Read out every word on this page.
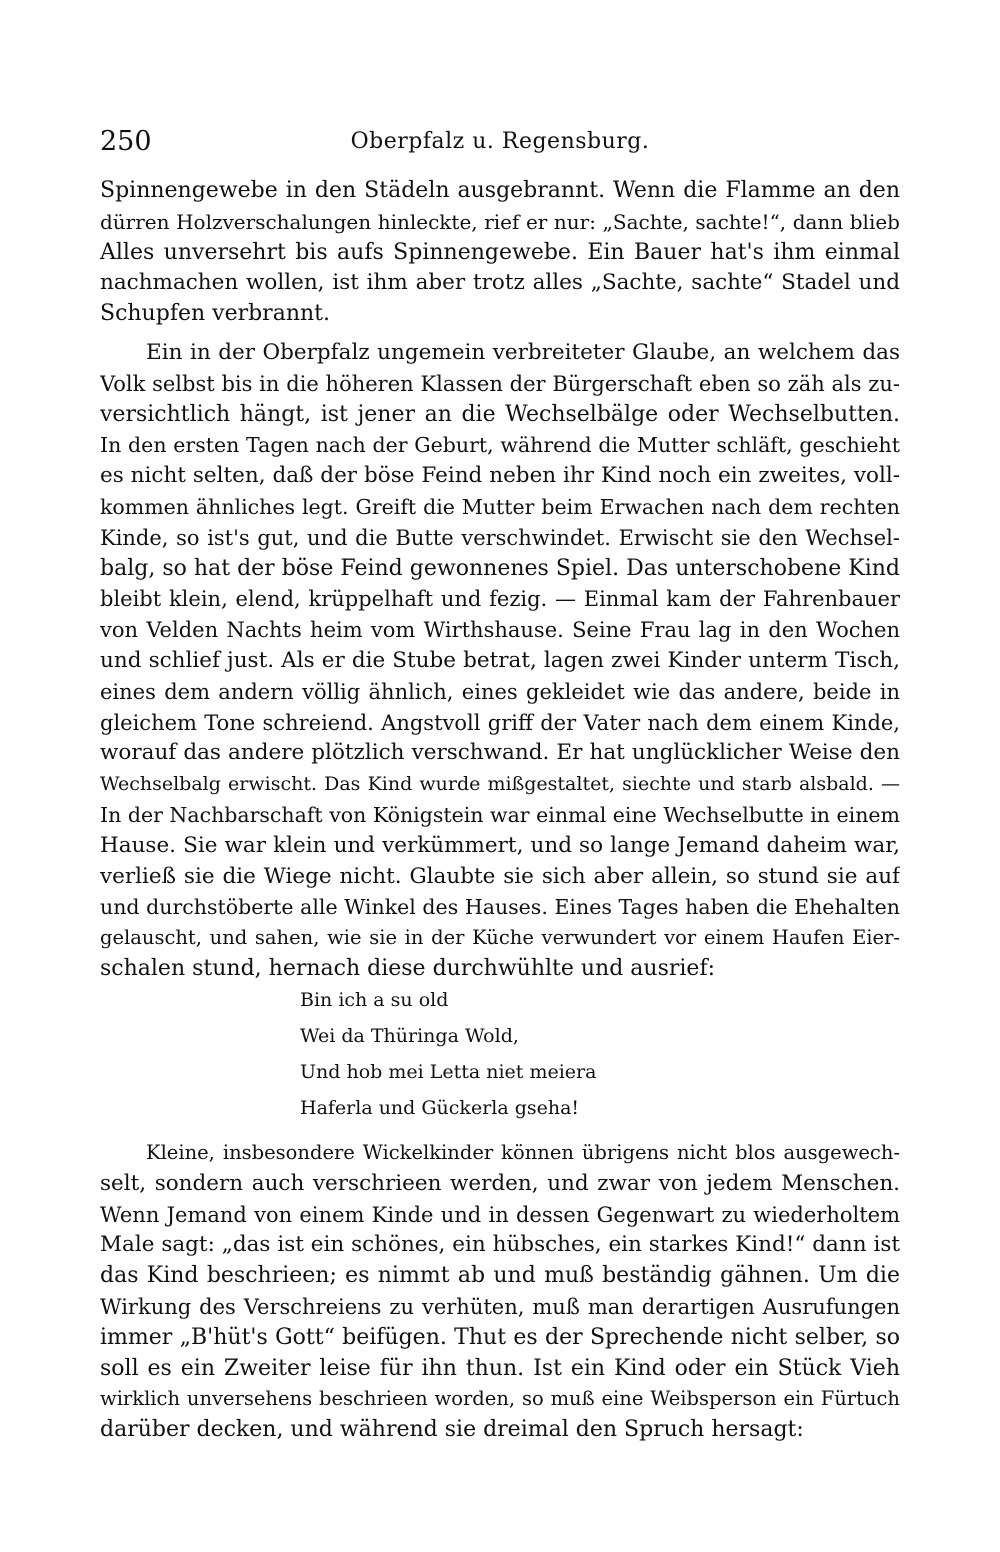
250	Oberpfalz u. Regensburg.
Spinnengewebe in den Städeln ausgebrannt. Wenn die Flamme an den
dürren Holzverschalungen hinleckte, rief er nur: „Sachte, sachte!“, dann blieb
Alles unversehrt bis aufs Spinnengewebe. Ein Bauer hat's ihm einmal
nachmachen wollen, ist ihm aber trotz alles „Sachte, sachte“ Stadel und
Schupfen verbrannt.
Ein in der Oberpfalz ungemein verbreiteter Glaube, an welchem das
Volk selbst bis in die höheren Klassen der Bürgerschaft eben so zäh als zu-
versichtlich hängt, ist jener an die Wechselbälge oder Wechselbutten.
In den ersten Tagen nach der Geburt, während die Mutter schläft, geschieht
es nicht selten, daß der böse Feind neben ihr Kind noch ein zweites, voll-
kommen ähnliches legt. Greift die Mutter beim Erwachen nach dem rechten
Kinde, so ist's gut, und die Butte verschwindet. Erwischt sie den Wechsel-
balg, so hat der böse Feind gewonnenes Spiel. Das unterschobene Kind
bleibt klein, elend, krüppelhaft und fezig. — Einmal kam der Fahrenbauer
von Velden Nachts heim vom Wirthshause. Seine Frau lag in den Wochen
und schlief just. Als er die Stube betrat, lagen zwei Kinder unterm Tisch,
eines dem andern völlig ähnlich, eines gekleidet wie das andere, beide in
gleichem Tone schreiend. Angstvoll griff der Vater nach dem einem Kinde,
worauf das andere plötzlich verschwand. Er hat unglücklicher Weise den
Wechselbalg erwischt. Das Kind wurde mißgestaltet, siechte und starb alsbald. —
In der Nachbarschaft von Königstein war einmal eine Wechselbutte in einem
Hause. Sie war klein und verkümmert, und so lange Jemand daheim war,
verließ sie die Wiege nicht. Glaubte sie sich aber allein, so stund sie auf
und durchstöberte alle Winkel des Hauses. Eines Tages haben die Ehehalten
gelauscht, und sahen, wie sie in der Küche verwundert vor einem Haufen Eier-
schalen stund, hernach diese durchwühlte und ausrief:
Bin ich a su old
Wei da Thüringa Wold,
Und hob mei Letta niet meiera
Haferla und Gückerla gseha!
Kleine, insbesondere Wickelkinder können übrigens nicht blos ausgewech-
selt, sondern auch verschrieen werden, und zwar von jedem Menschen.
Wenn Jemand von einem Kinde und in dessen Gegenwart zu wiederholtem
Male sagt: „das ist ein schönes, ein hübsches, ein starkes Kind!“ dann ist
das Kind beschrieen; es nimmt ab und muß beständig gähnen. Um die
Wirkung des Verschreiens zu verhüten, muß man derartigen Ausrufungen
immer „B'hüt's Gott“ beifügen. Thut es der Sprechende nicht selber, so
soll es ein Zweiter leise für ihn thun. Ist ein Kind oder ein Stück Vieh
wirklich unversehens beschrieen worden, so muß eine Weibsperson ein Fürtuch
darüber decken, und während sie dreimal den Spruch hersagt:
